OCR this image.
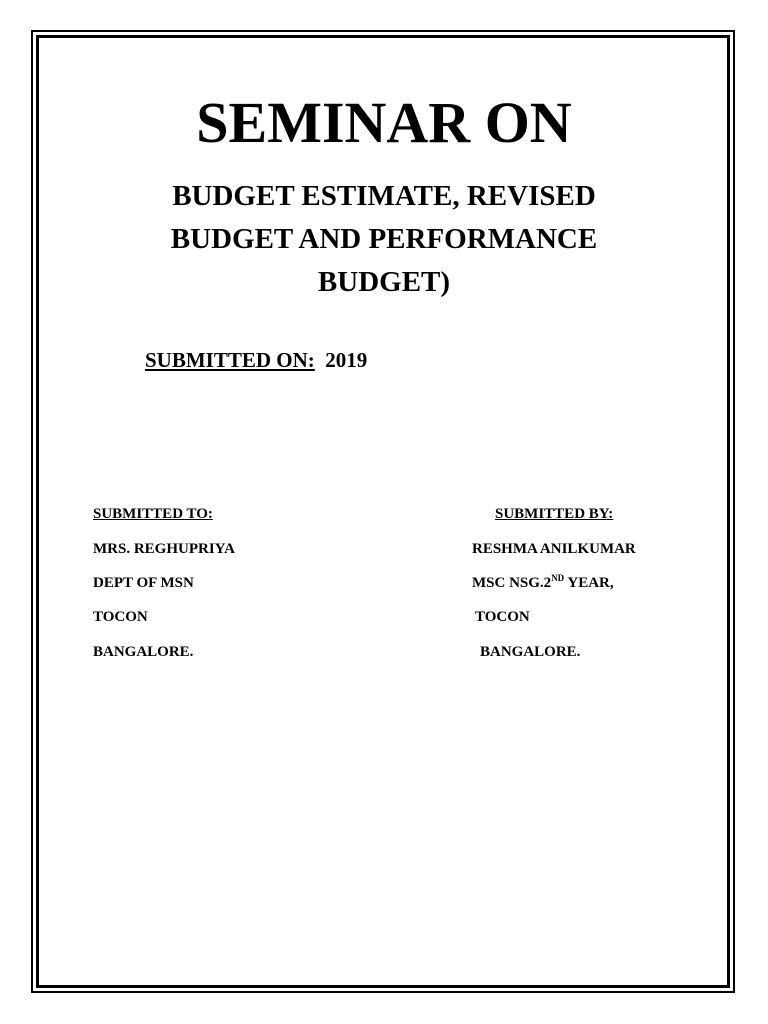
SEMINAR ON
BUDGET ESTIMATE, REVISED
BUDGET AND PERFORMANCE
BUDGET)
SUBMITTED ON: 2019
SUBMITTED TO:
MRS. REGHUPRIYA
DEPT OF MSN
TOCON
BANGALORE.
SUBMITTED BY:
RESHMA ANILKUMAR
MSC NSG.2ND YEAR,
TOCON
BANGALORE.
